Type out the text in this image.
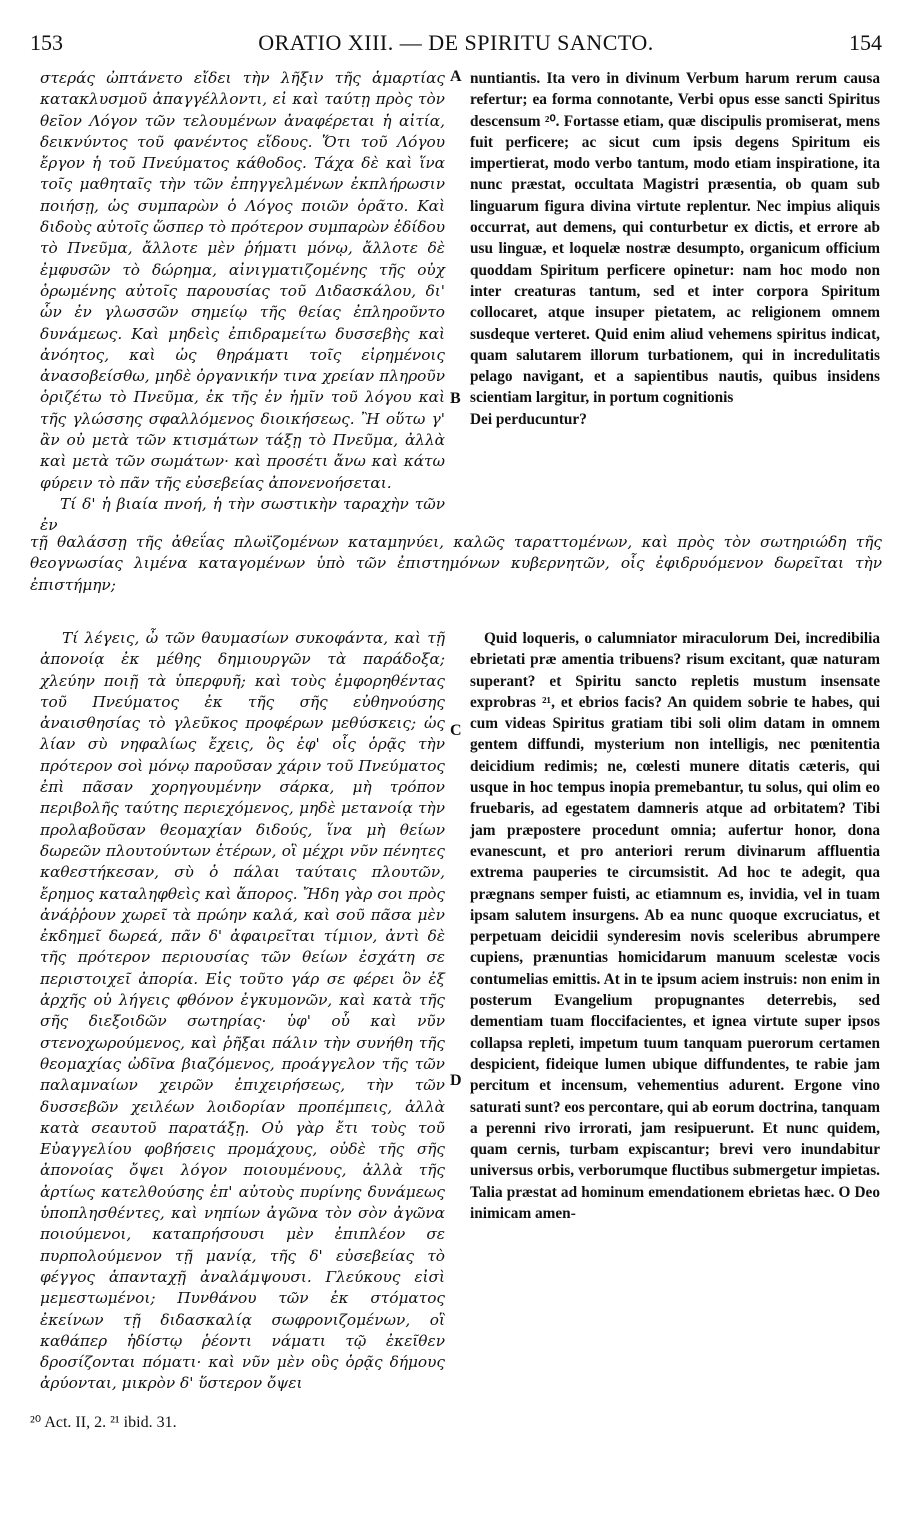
153	ORATIO XIII. — DE SPIRITU SANCTO.	154

στεράς ὠπτάνετο εἴδει τὴν λῆξιν τῆς ἁμαρτίας κατακλυσμοῦ ἀπαγγέλλοντι, εἰ καὶ ταύτῃ πρὸς τὸν θεῖον Λόγον τῶν τελουμένων ἀναφέρεται ἡ αἰτία, δεικνύντος τοῦ φανέντος εἴδους. Ὅτι τοῦ Λόγου ἔργον ἡ τοῦ Πνεύματος κάθοδος. Τάχα δὲ καὶ ἵνα τοῖς μαθηταῖς τὴν τῶν ἐπηγγελμένων ἐκπλήρωσιν ποιήσῃ, ὡς συμπαρὼν ὁ Λόγος ποιῶν ὁρᾶτο. Καὶ διδοὺς αὐτοῖς ὥσπερ τὸ πρότερον συμπαρὼν ἐδίδου τὸ Πνεῦμα, ἄλλοτε μὲν ῥήματι μόνῳ, ἄλλοτε δὲ ἐμφυσῶν τὸ δώρημα, αἰνιγματιζομένης τῆς οὐχ ὁρωμένης αὐτοῖς παρουσίας τοῦ Διδασκάλου, δι' ὧν ἐν γλωσσῶν σημείῳ τῆς θείας ἐπληροῦντο δυνάμεως. Καὶ μηδεὶς ἐπιδραμείτω δυσσεβὴς καὶ ἀνόητος, καὶ ὡς θηράματι τοῖς εἰρημένοις ἀνασοβείσθω, μηδὲ ὀργανικήν τινα χρείαν πληροῦν ὁριζέτω τὸ Πνεῦμα, ἐκ τῆς ἐν ἡμῖν τοῦ λόγου καὶ τῆς γλώσσης σφαλλόμενος διοικήσεως. Ἢ οὕτω γ' ἂν οὐ μετὰ τῶν κτισμάτων τάξῃ τὸ Πνεῦμα, ἀλλὰ καὶ μετὰ τῶν σωμάτων· καὶ προσέτι ἄνω καὶ κάτω φύρειν τὸ πᾶν τῆς εὐσεβείας ἀπονενοήσεται.

Τί δ' ἡ βιαία πνοή, ἡ τὴν σωστικὴν ταραχὴν τῶν ἐν

nuntiantis. Ita vero in divinum Verbum harum rerum causa refertur; ea forma connotante, Verbi opus esse sancti Spiritus descensum ²⁰. Fortasse etiam, quæ discipulis promiserat, mens fuit perficere; ac sicut cum ipsis degens Spiritum eis impertierat, modo verbo tantum, modo etiam inspiratione, ita nunc præstat, occultata Magistri præsentia, ob quam sub linguarum figura divina virtute replentur. Nec impius aliquis occurrat, aut demens, qui conturbetur ex dictis, et errore ab usu linguæ, et loquelæ nostræ desumpto, organicum officium quoddam Spiritum perficere opinetur: nam hoc modo non inter creaturas tantum, sed et inter corpora Spiritum collocaret, atque insuper pietatem, ac religionem omnem susdeque verteret. Quid enim aliud vehemens spiritus indicat, quam salutarem illorum turbationem, qui in incredulitatis pelago navigant, et a sapientibus nautis, quibus insidens scientiam largitur, in portum cognitionis

Dei perducuntur?

A
B
τῇ θαλάσσῃ τῆς ἀθεΐας πλωϊζομένων καταμηνύει, καλῶς ταραττομένων, καὶ πρὸς τὸν σωτηριώδη τῆς θεογνωσίας λιμένα καταγομένων ὑπὸ τῶν ἐπιστημόνων κυβερνητῶν, οἷς ἐφιδρυόμενον δωρεῖται τὴν ἐπιστήμην;

Τί λέγεις, ὦ τῶν θαυμασίων συκοφάντα, καὶ τῇ ἀπονοίᾳ ἐκ μέθης δημιουργῶν τὰ παράδοξα; χλεύην ποιῇ τὰ ὑπερφυῆ; καὶ τοὺς ἐμφορηθέντας τοῦ Πνεύματος ἐκ τῆς σῆς εὐθηνούσης ἀναισθησίας τὸ γλεῦκος προφέρων μεθύσκεις; ὡς λίαν σὺ νηφαλίως ἔχεις, ὃς ἐφ' οἷς ὁρᾷς τὴν πρότερον σοὶ μόνῳ παροῦσαν χάριν τοῦ Πνεύματος ἐπὶ πᾶσαν χορηγουμένην σάρκα, μὴ τρόπον περιβολῆς ταύτης περιεχόμενος, μηδὲ μετανοίᾳ τὴν προλαβοῦσαν θεομαχίαν διδούς, ἵνα μὴ θείων δωρεῶν πλουτούντων ἑτέρων, οἳ μέχρι νῦν πένητες καθεστήκεσαν, σὺ ὁ πάλαι ταύταις πλουτῶν, ἔρημος καταληφθεὶς καὶ ἄπορος. Ἤδη γὰρ σοι πρὸς ἀνάῤῥουν χωρεῖ τὰ πρώην καλά, καὶ σοῦ πᾶσα μὲν ἐκδημεῖ δωρεά, πᾶν δ' ἀφαιρεῖται τίμιον, ἀντὶ δὲ τῆς πρότερον περιουσίας τῶν θείων ἐσχάτη σε περιστοιχεῖ ἀπορία. Εἰς τοῦτο γάρ σε φέρει ὃν ἐξ ἀρχῆς οὐ λήγεις φθόνον ἐγκυμονῶν, καὶ κατὰ τῆς σῆς διεξοιδῶν σωτηρίας· ὑφ' οὗ καὶ νῦν στενοχωρούμενος, καὶ ῥῆξαι πάλιν τὴν συνήθη τῆς θεομαχίας ὠδῖνα βιαζόμενος, προάγγελον τῆς τῶν παλαμναίων χειρῶν ἐπιχειρήσεως, τὴν τῶν δυσσεβῶν χειλέων λοιδορίαν προπέμπεις, ἀλλὰ κατὰ σεαυτοῦ παρατάξῃ. Οὐ γὰρ ἔτι τοὺς τοῦ Εὐαγγελίου φοβήσεις προμάχους, οὐδὲ τῆς σῆς ἀπονοίας ὄψει λόγον ποιουμένους, ἀλλὰ τῆς ἀρτίως κατελθούσης ἐπ' αὐτοὺς πυρίνης δυνάμεως ὑποπλησθέντες, καὶ νηπίων ἀγῶνα τὸν σὸν ἀγῶνα ποιούμενοι, καταπρήσουσι μὲν ἐπιπλέον σε πυρπολούμενον τῇ μανίᾳ, τῆς δ' εὐσεβείας τὸ φέγγος ἁπανταχῇ ἀναλάμψουσι. Γλεύκους εἰσὶ μεμεστωμένοι; Πυνθάνου τῶν ἐκ στόματος ἐκείνων τῇ διδασκαλίᾳ σωφρονιζομένων, οἳ καθάπερ ἡδίστῳ ῥέοντι νάματι τῷ ἐκεῖθεν δροσίζονται πόματι· καὶ νῦν μὲν οὓς ὁρᾷς δήμους ἀρύονται, μικρὸν δ' ὕστερον ὄψει

Quid loqueris, o calumniator miraculorum Dei, incredibilia ebrietati præ amentia tribuens? risum excitant, quæ naturam superant? et Spiritu sancto repletis mustum insensate exprobras ²¹, et ebrios facis? An quidem sobrie te habes, qui cum videas Spiritus gratiam tibi soli olim datam in omnem gentem diffundi, mysterium non intelligis, nec pœnitentia deicidium redimis; ne, cœlesti munere ditatis cæteris, qui usque in hoc tempus inopia premebantur, tu solus, qui olim eo fruebaris, ad egestatem damneris atque ad orbitatem? Tibi jam præpostere procedunt omnia; aufertur honor, dona evanescunt, et pro anteriori rerum divinarum affluentia extrema pauperies te circumsistit. Ad hoc te adegit, qua prægnans semper fuisti, ac etiamnum es, invidia, vel in tuam ipsam salutem insurgens. Ab ea nunc quoque excruciatus, et perpetuam deicidii synderesim novis sceleribus abrumpere cupiens, prænuntias homicidarum manuum scelestæ vocis contumelias emittis. At in te ipsum aciem instruis: non enim in posterum Evangelium propugnantes deterrebis, sed dementiam tuam floccifacientes, et ignea virtute super ipsos collapsa repleti, impetum tuum tanquam puerorum certamen despicient, fideique lumen ubique diffundentes, te rabie jam percitum et incensum, vehementius adurent. Ergone vino saturati sunt? eos percontare, qui ab eorum doctrina, tanquam a perenni rivo irrorati, jam resipuerunt. Et nunc quidem, quam cernis, turbam expiscantur; brevi vero inundabitur universus orbis, verborumque fluctibus submergetur impietas. Talia præstat ad hominum emendationem ebrietas hæc. O Deo inimicam amen-

C
D
²⁰ Act. II, 2. ²¹ ibid. 31.
